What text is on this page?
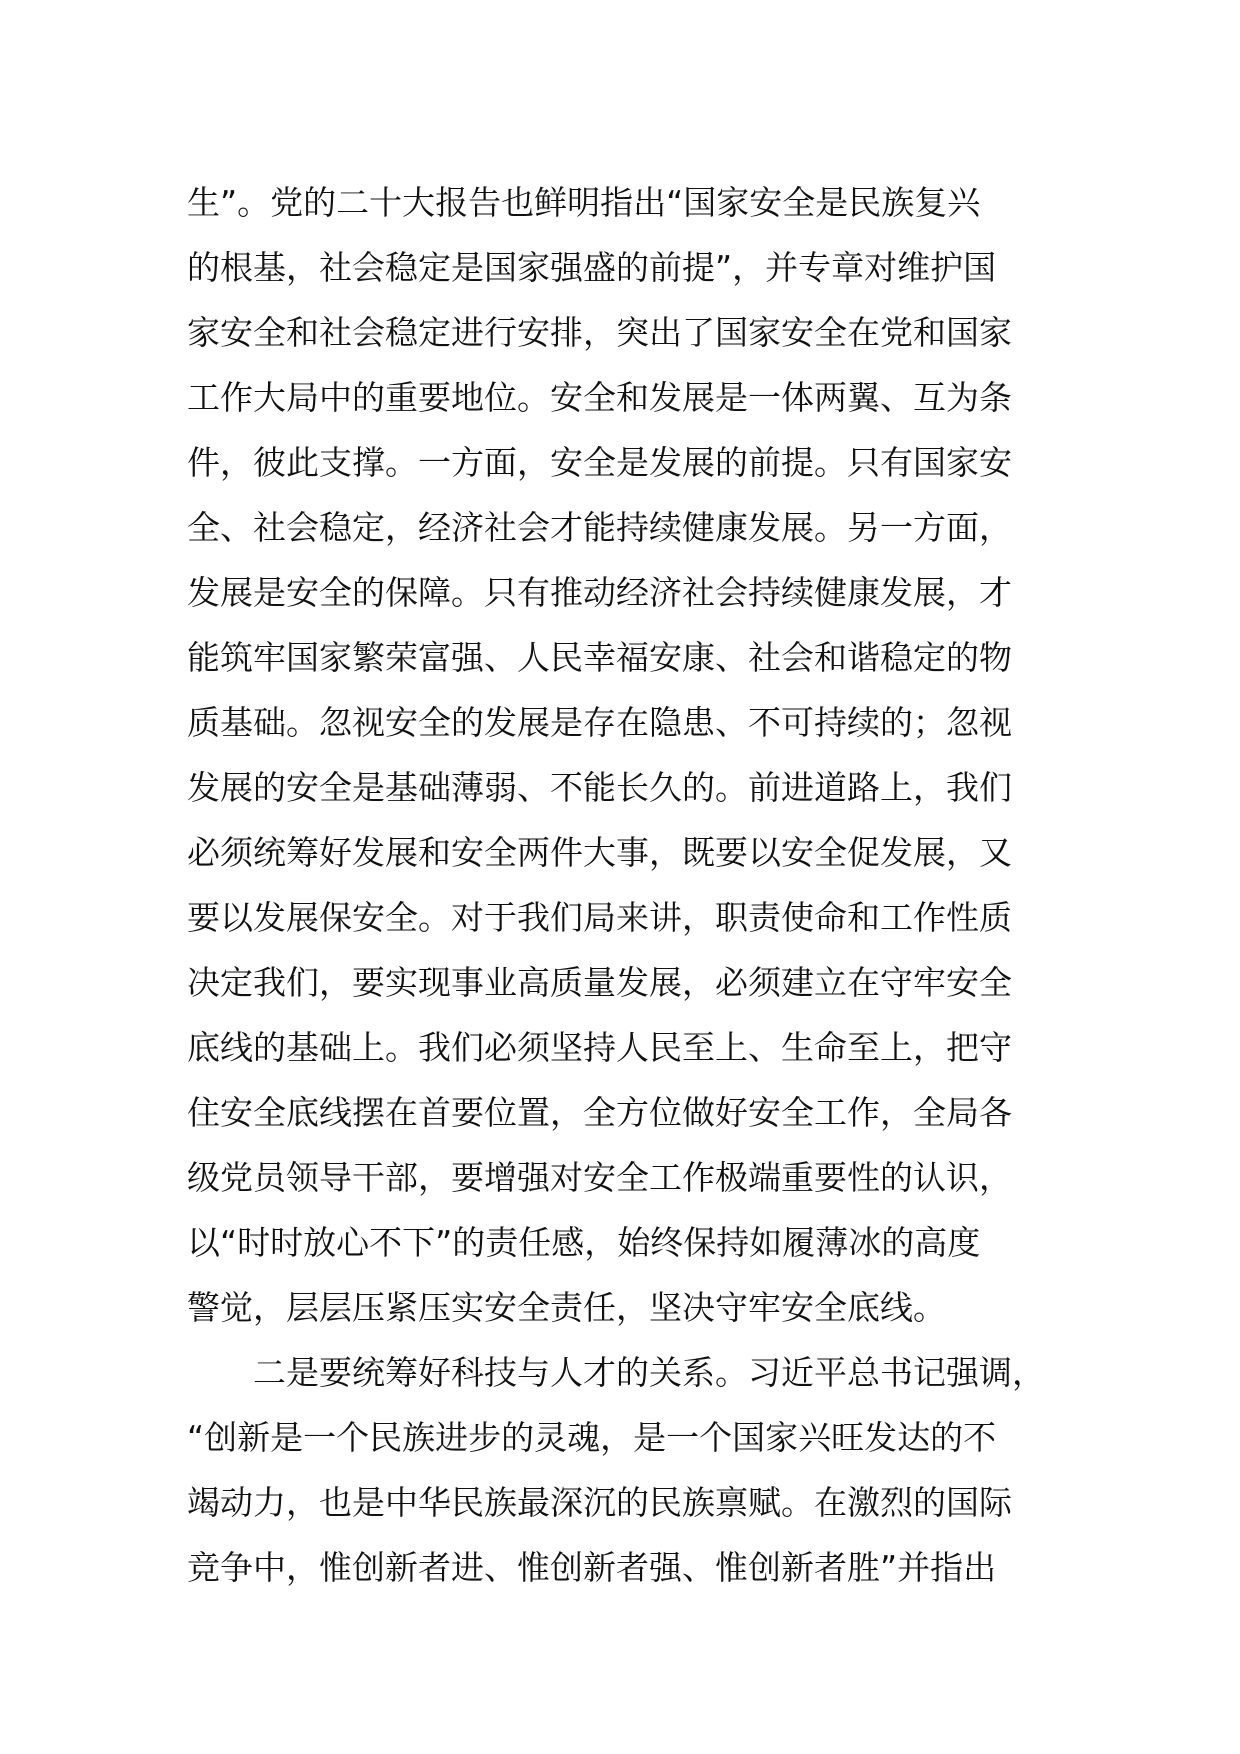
生”。党的二十大报告也鲜明指出“国家安全是民族复兴
的根基，社会稳定是国家强盛的前提”，并专章对维护国
家安全和社会稳定进行安排，突出了国家安全在党和国家
工作大局中的重要地位。安全和发展是一体两翼、互为条
件，彼此支撑。一方面，安全是发展的前提。只有国家安
全、社会稳定，经济社会才能持续健康发展。另一方面，
发展是安全的保障。只有推动经济社会持续健康发展，才
能筑牢国家繁荣富强、人民幸福安康、社会和谐稳定的物
质基础。忽视安全的发展是存在隐患、不可持续的；忽视
发展的安全是基础薄弱、不能长久的。前进道路上，我们
必须统筹好发展和安全两件大事，既要以安全促发展，又
要以发展保安全。对于我们局来讲，职责使命和工作性质
决定我们，要实现事业高质量发展，必须建立在守牢安全
底线的基础上。我们必须坚持人民至上、生命至上，把守
住安全底线摆在首要位置，全方位做好安全工作，全局各
级党员领导干部，要增强对安全工作极端重要性的认识，
以“时时放心不下”的责任感，始终保持如履薄冰的高度
警觉，层层压紧压实安全责任，坚决守牢安全底线。
　　二是要统筹好科技与人才的关系。习近平总书记强调，
“创新是一个民族进步的灵魂，是一个国家兴旺发达的不
竭动力，也是中华民族最深沉的民族禀赋。在激烈的国际
竞争中，惟创新者进、惟创新者强、惟创新者胜”并指出
